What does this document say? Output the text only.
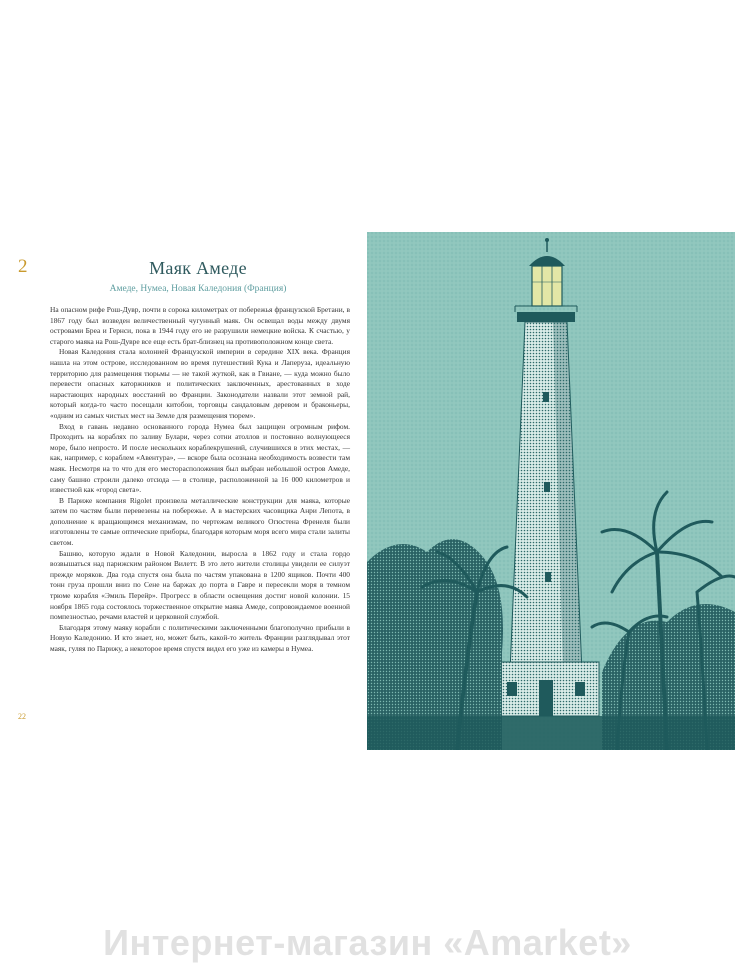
2	Маяк Амеде
Амеде, Нумеа, Новая Каледония (Франция)

На опасном рифе Рош-Дувр, почти в сорока километрах от побережья французской Бретани, в 1867 году был возведен величественный чугунный маяк. Он освещал воды между двумя островами Бреа и Гернси, пока в 1944 году его не разрушили немецкие войска. К счастью, у старого маяка на Рош-Дувре все еще есть брат-близнец на противоположном конце света.

Новая Каледония стала колонией Французской империи в середине XIX века. Франция нашла на этом острове, исследованном во время путешествий Кука и Лаперуза, идеальную территорию для размещения тюрьмы — не такой жуткой, как в Гвиане, — куда можно было перевести опасных каторжников и политических заключенных, арестованных в ходе нарастающих народных восстаний во Франции. Законодатели назвали этот земной рай, который когда-то часто посещали китобои, торговцы сандаловым деревом и браконьеры, «одним из самых чистых мест на Земле для размещения тюрем».

Вход в гавань недавно основанного города Нумеа был защищен огромным рифом. Проходить на кораблях по заливу Булари, через сотни атоллов и постоянно волнующееся море, было непросто. И после нескольких кораблекрушений, случившихся в этих местах, — как, например, с кораблем «Авентура», — вскоре была осознана необходимость возвести там маяк. Несмотря на то что для его месторасположения был выбран небольшой остров Амеде, саму башню строили далеко отсюда — в столице, расположенной за 16 000 километров и известной как «город света».

В Париже компания Rigolet произвела металлические конструкции для маяка, которые затем по частям были перевезены на побережье. А в мастерских часовщика Анри Лепота, в дополнение к вращающимся механизмам, по чертежам великого Огюстена Френеля были изготовлены те самые оптические приборы, благодаря которым моря всего мира стали залиты светом.

Башню, которую ждали в Новой Каледонии, выросла в 1862 году и стала гордо возвышаться над парижским районом Вилетт. В это лето жители столицы увидели ее силуэт прежде моряков. Два года спустя она была по частям упакована в 1200 ящиков. Почти 400 тонн груза прошли вниз по Сене на баржах до порта в Гавре и пересекли моря в темном трюме корабля «Эмиль Перейр». Прогресс в области освещения достиг новой колонии. 15 ноября 1865 года состоялось торжественное открытие маяка Амеде, сопровождаемое военной помпезностью, речами властей и церковной службой.

Благодаря этому маяку корабли с политическими заключенными благополучно прибыли в Новую Каледонию. И кто знает, но, может быть, какой-то житель Франции разглядывал этот маяк, гуляя по Парижу, а некоторое время спустя видел его уже из камеры в Нумеа.

22
Интернет-магазин «Amarket»
